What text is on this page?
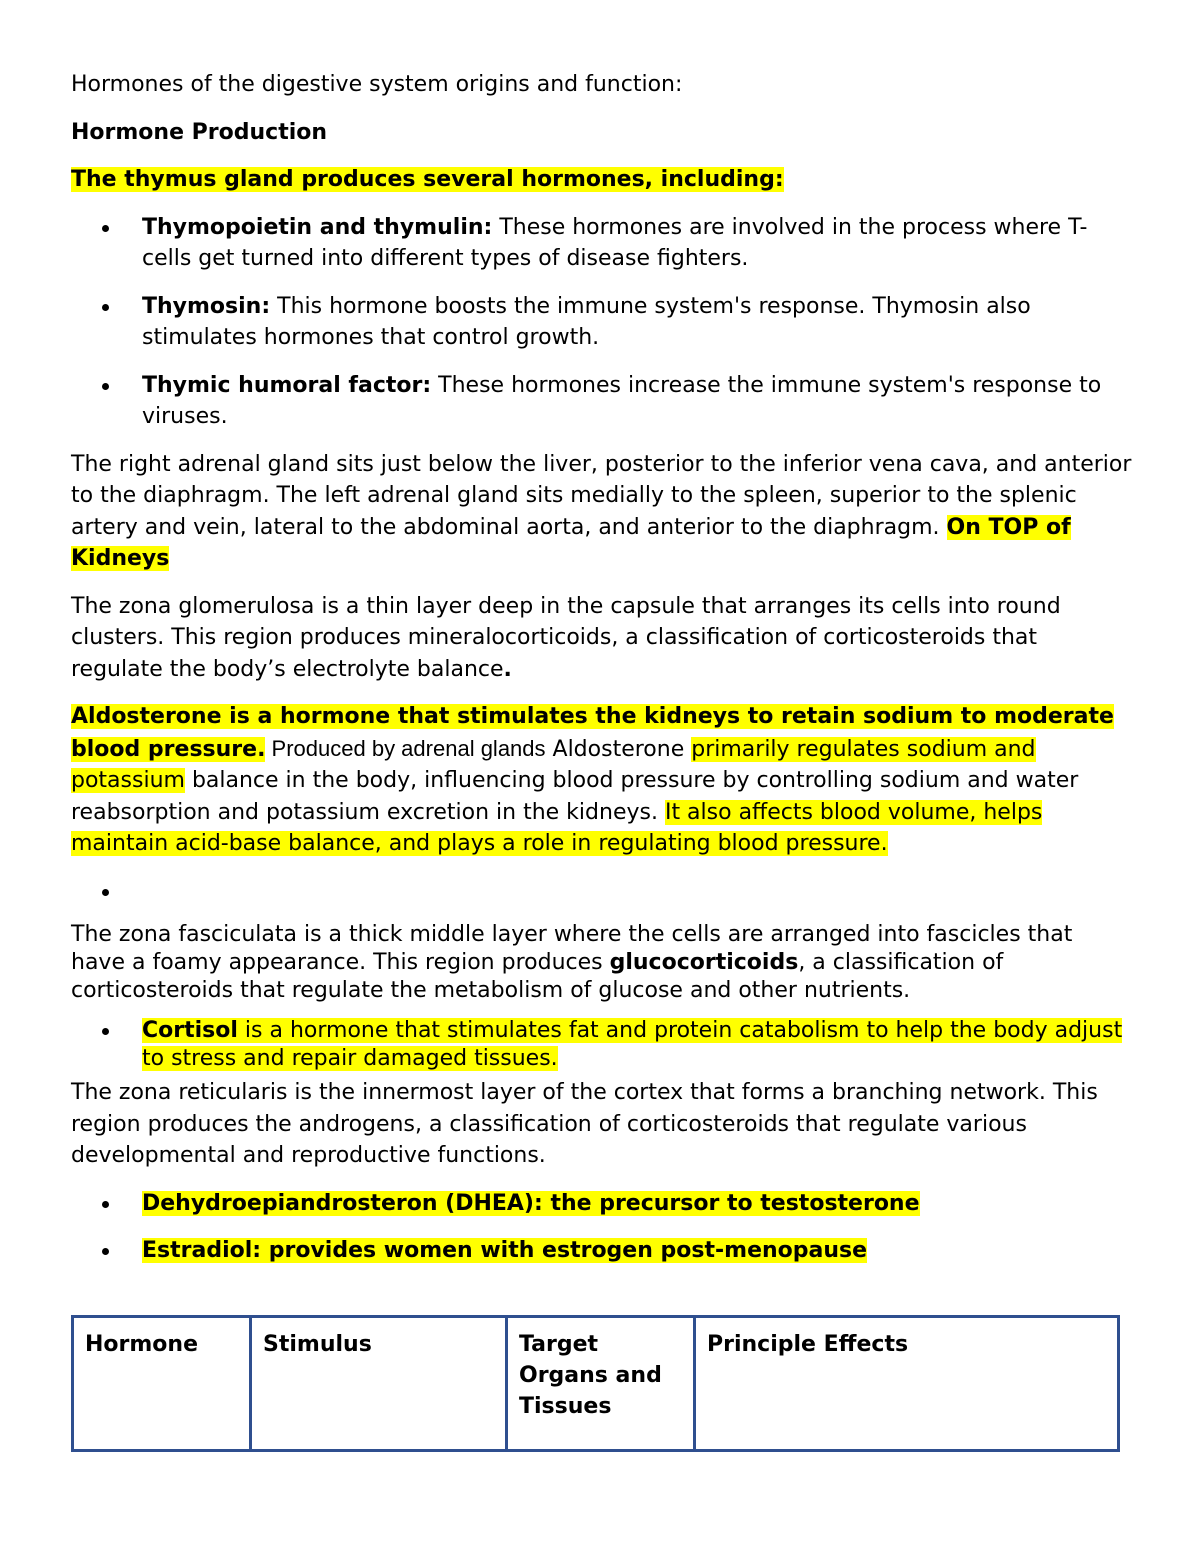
Hormones of the digestive system origins and function:

Hormone Production

The thymus gland produces several hormones, including:

Thymopoietin and thymulin: These hormones are involved in the process where T-cells get turned into different types of disease fighters.
Thymosin: This hormone boosts the immune system's response. Thymosin also stimulates hormones that control growth.
Thymic humoral factor: These hormones increase the immune system's response to viruses.

The right adrenal gland sits just below the liver, posterior to the inferior vena cava, and anterior to the diaphragm. The left adrenal gland sits medially to the spleen, superior to the splenic artery and vein, lateral to the abdominal aorta, and anterior to the diaphragm. On TOP of Kidneys

The zona glomerulosa is a thin layer deep in the capsule that arranges its cells into round clusters. This region produces mineralocorticoids, a classification of corticosteroids that regulate the body’s electrolyte balance.

Aldosterone is a hormone that stimulates the kidneys to retain sodium to moderate blood pressure. Produced by adrenal glands Aldosterone primarily regulates sodium and potassium balance in the body, influencing blood pressure by controlling sodium and water reabsorption and potassium excretion in the kidneys. It also affects blood volume, helps maintain acid-base balance, and plays a role in regulating blood pressure.

The zona fasciculata is a thick middle layer where the cells are arranged into fascicles that have a foamy appearance. This region produces glucocorticoids, a classification of corticosteroids that regulate the metabolism of glucose and other nutrients.

Cortisol is a hormone that stimulates fat and protein catabolism to help the body adjust to stress and repair damaged tissues.

The zona reticularis is the innermost layer of the cortex that forms a branching network. This region produces the androgens, a classification of corticosteroids that regulate various developmental and reproductive functions.

Dehydroepiandrosteron (DHEA): the precursor to testosterone
Estradiol: provides women with estrogen post-menopause
Hormone	Stimulus	Target Organs and Tissues	Principle Effects
